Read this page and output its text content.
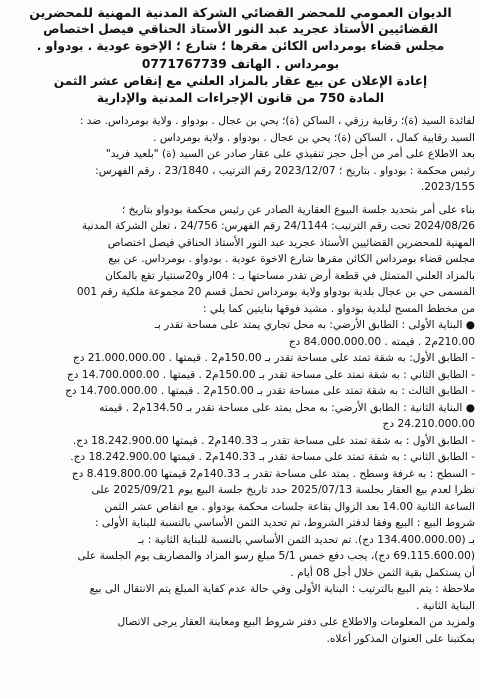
الديوان العمومي للمحضر القضائي الشركة المدنية المهنية للمحضرين

القضائيين الأستاذ عجريد عبد النور الأستاذ الحناقي فيصل اختصاص

مجلس قضاء بومرداس الكائن مقرها ؛ شارع ؛ الإخوة عودية . بودواو .

بومرداس . الهاتف 0771767739

إعادة الإعلان عن بيع عقار بالمزاد العلني مع إنقاص عشر الثمن

المادة 750 من قانون الإجراءات المدنية والإدارية

لفائدة السيد (ة)؛ رقابية رزقي ، الساكن (ة)؛ يحي بن عجال . بودواو . ولاية بومرداس. ضد :

السيد رقابية كمال ، الساكن (ة)؛ يحي بن عجال . بودواو . ولاية بومرداس .

بعد الاطلاع على أمر من أجل حجز تنفيذي على عقار صادر عن السيد (ة) "بلعيد فريد"

رئيس محكمة : بودواو . بتاريخ ؛ 2023/12/07 رقم الترتيب ، 23/1840 . رقم الفهرس:

2023/155.

بناء على أمر بتحديد جلسة البيوع العقارية الصادر عن رئيس محكمة بودواو بتاريخ ؛

2024/08/26 تحت رقم الترتيب: 24/1144 رقم الفهرس: 24/756 ، تعلن الشركة المدنية

المهنية للمحضرين القضائيين الأستاذ عجريد عبد النور الأستاذ الحناقي فيصل اختصاص

مجلس قضاء بومرداس الكائن مقرها شارع الاخوة عودية . بودواو . بومرداس. عن بيع

بالمزاد العلني المتمثل في قطعة أرض تقدر مساحتها بـ : 04ار و20سنتيار تقع بالمكان

المسمى حي بن عجال بلدية بودواو ولاية بومرداس تحمل قسم 20 مجموعة ملكية رقم 001

من مخطط المسح لبلدية بودواو . مشيد فوقها بنايتين كما يلي :

● البناية الأولى : الطابق الأرضي: به محل تجاري يمتد على مساحة تقدر بـ

210.00م2 . قيمته . 84.000.000.00 دج

- الطابق الأول: به شقة تمتد على مساحة تقدر بـ 150.00م2 . قيمتها . 21.000.000.00 دج

- الطابق الثاني : به شقة تمتد على مساحة تقدر بـ 150.00م2 . قيمتها . 14.700.000.00 دج

- الطابق الثالث : به شقة تمتد على مساحة تقدر بـ 150.00م2 . قيمتها . 14.700.000.00 دج

● البناية الثانية : الطابق الأرضي: به محل يمتد على مساحة تقدر بـ 134.50م2 . قيمته

24.210.000.00 دج

- الطابق الأول : به شقة تمتد على مساحة تقدر بـ 140.33م2 . قيمتها 18.242.900.00 دج.

- الطابق الثاني : به شقة تمتد على مساحة تقدر بـ 140.33م2 . قيمتها 18.242.900.00 دج.

- السطح : به غرفة وسطح . يمتد على مساحة تقدر بـ 140.33م2 قيمتها 8.419.800.00 دج

نظرا لعدم بيع العقار بجلسة 2025/07/13 حدد تاريخ جلسة البيع يوم 2025/09/21 على

الساعة الثانية 14.00 بعد الزوال بقاعة جلسات محكمة بودواو . مع انقاص عشر الثمن

شروط البيع : البيع وفقا لدفتر الشروط، تم تحديد الثمن الأساسي بالنسبة للبناية الأولى :

بـ (134.400.000.00 دج). تم تحديد الثمن الأساسي بالنسبة للبناية الثانية : بـ

(69.115.600.00 دج)، يجب دفع خمس 5/1 مبلغ رسو المزاد والمصاريف يوم الجلسة على

أن يستكمل بقية الثمن خلال أجل 08 أيام .

ملاحظة : يتم البيع بالترتيب : البناية الأولى وفي حالة عدم كفاية المبلغ يتم الانتقال الى بيع

البناية الثانية .

ولمزيد من المعلومات والاطلاع على دفتر شروط البيع ومعاينة العقار يرجى الاتصال

بمكتبنا على العنوان المذكور أعلاه.
